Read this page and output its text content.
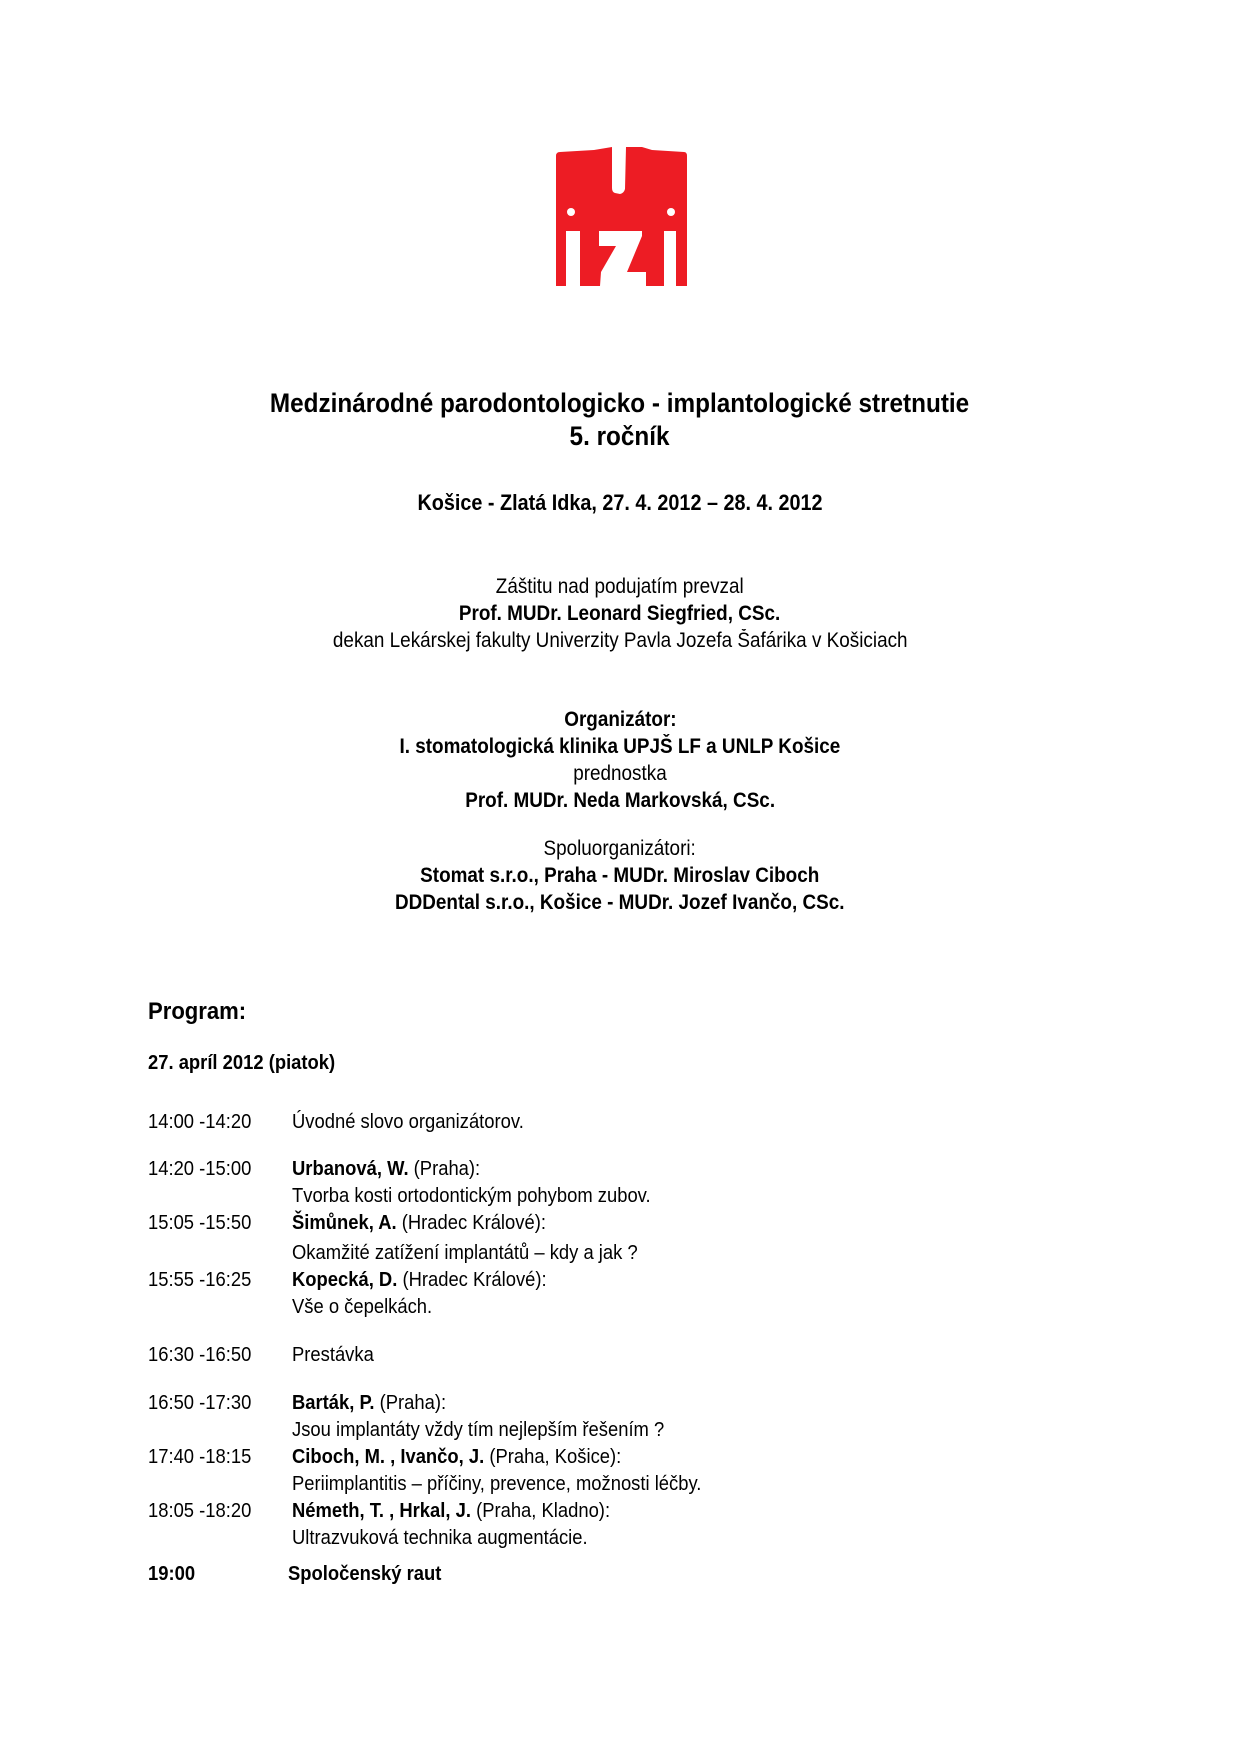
Medzinárodné parodontologicko - implantologické stretnutie
5. ročník
Košice - Zlatá Idka, 27. 4. 2012 – 28. 4. 2012
Záštitu nad podujatím prevzal
Prof. MUDr. Leonard Siegfried, CSc.
dekan Lekárskej fakulty Univerzity Pavla Jozefa Šafárika v Košiciach
Organizátor:
I. stomatologická klinika UPJŠ LF a UNLP Košice
prednostka
Prof. MUDr. Neda Markovská, CSc.
Spoluorganizátori:
Stomat s.r.o., Praha - MUDr. Miroslav Ciboch
DDDental s.r.o., Košice - MUDr. Jozef Ivančo, CSc.
Program:
27. apríl 2012 (piatok)
14:00 -14:20 Úvodné slovo organizátorov.
14:20 -15:00 Urbanová, W. (Praha):
Tvorba kosti ortodontickým pohybom zubov.
15:05 -15:50 Šimůnek, A. (Hradec Králové):
Okamžité zatížení implantátů – kdy a jak ?
15:55 -16:25 Kopecká, D. (Hradec Králové):
Vše o čepelkách.
16:30 -16:50 Prestávka
16:50 -17:30 Barták, P. (Praha):
Jsou implantáty vždy tím nejlepším řešením ?
17:40 -18:15 Ciboch, M. , Ivančo, J. (Praha, Košice):
Periimplantitis – příčiny, prevence, možnosti léčby.
18:05 -18:20 Németh, T. , Hrkal, J. (Praha, Kladno):
Ultrazvuková technika augmentácie.
19:00	Spoločenský raut
